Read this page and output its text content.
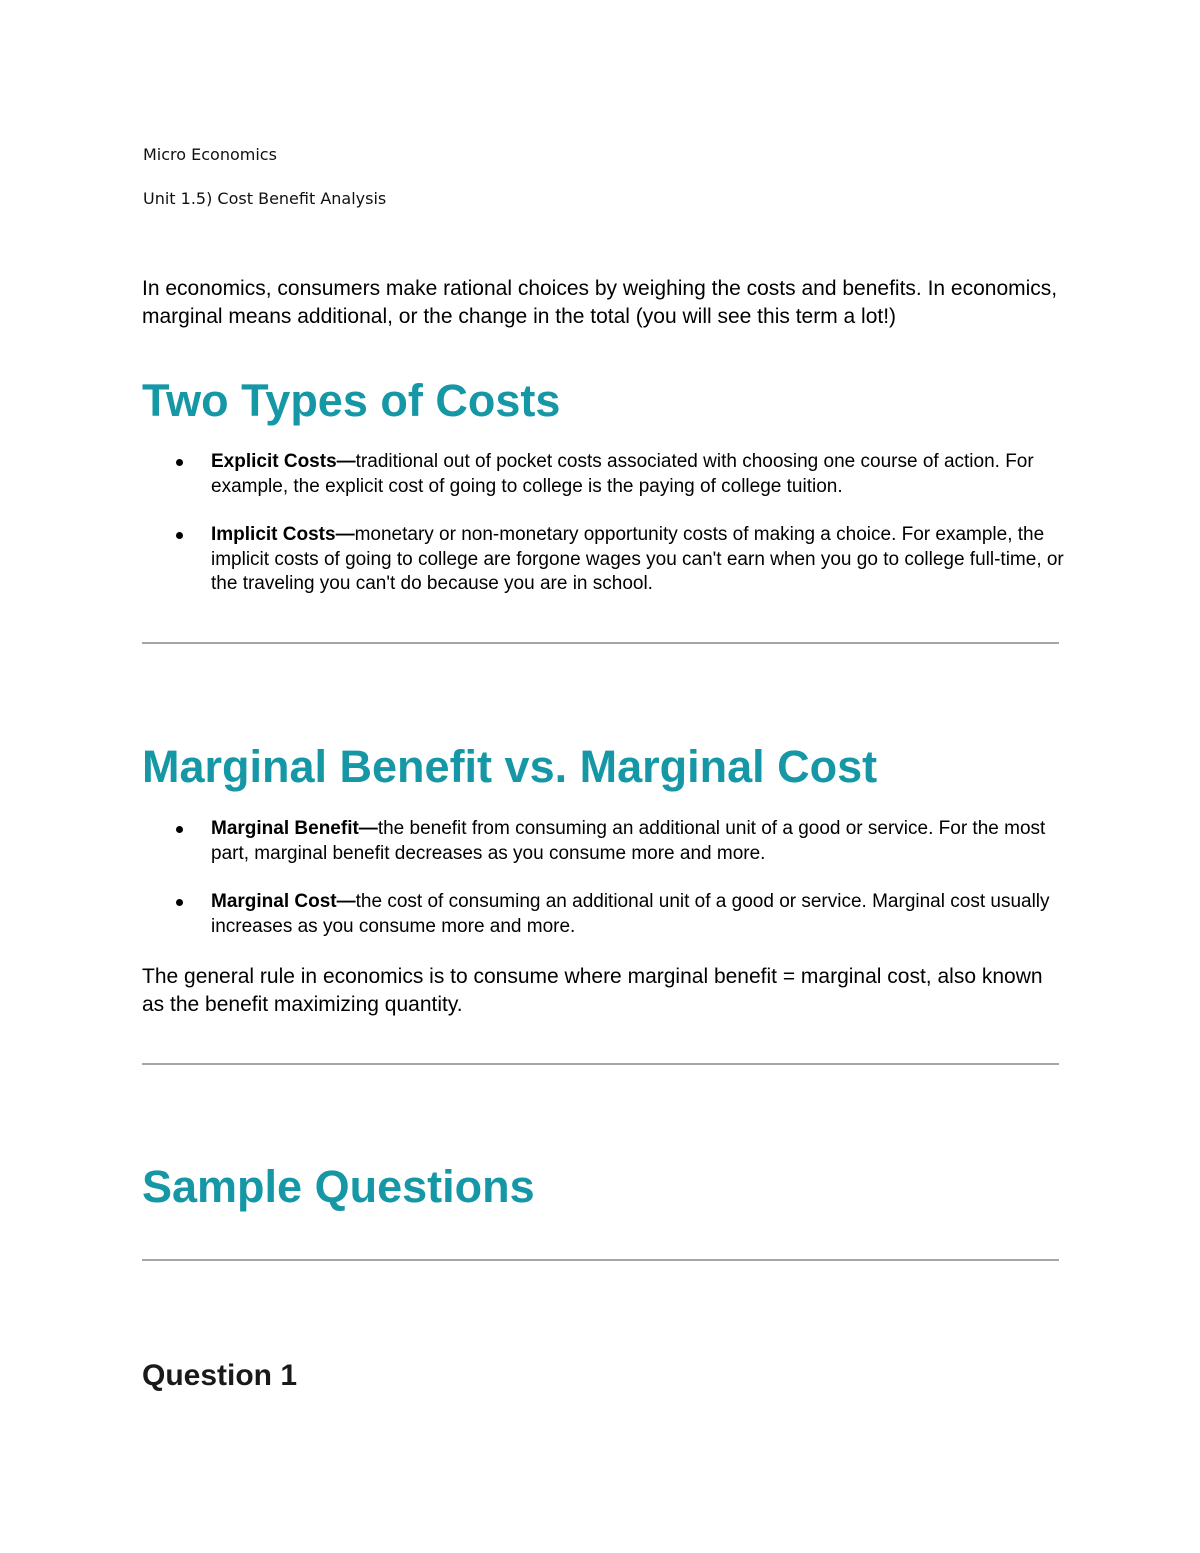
Micro Economics
Unit 1.5) Cost Benefit Analysis

In economics, consumers make rational choices by weighing the costs and benefits. In economics, marginal means additional, or the change in the total (you will see this term a lot!)

Two Types of Costs
Explicit Costs—traditional out of pocket costs associated with choosing one course of action. For example, the explicit cost of going to college is the paying of college tuition.
Implicit Costs—monetary or non-monetary opportunity costs of making a choice. For example, the implicit costs of going to college are forgone wages you can't earn when you go to college full-time, or the traveling you can't do because you are in school.
Marginal Benefit vs. Marginal Cost
Marginal Benefit—the benefit from consuming an additional unit of a good or service. For the most part, marginal benefit decreases as you consume more and more.
Marginal Cost—the cost of consuming an additional unit of a good or service. Marginal cost usually increases as you consume more and more.

The general rule in economics is to consume where marginal benefit = marginal cost, also known as the benefit maximizing quantity.

Sample Questions
Question 1
